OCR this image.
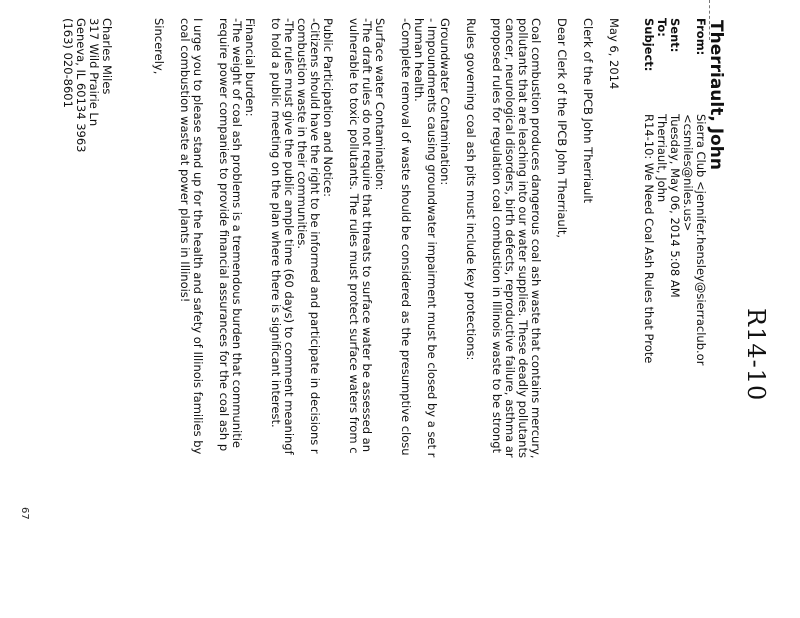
R14-10
Therriault, John
From:
Sierra Club <jennifer.hensley@sierraclub.or
<csmiles@niles.us>
Sent:
Tuesday, May 06, 2014 5:08 AM
To:
Therriault, John
Subject:
R14-10: We Need Coal Ash Rules that Prote
May 6, 2014
Clerk of the IPCB John Therriault
Dear Clerk of the IPCB John Therriault,
Coal combustion produces dangerous coal ash waste that contains mercury,
pollutants that are leaching into our water supplies. These deadly pollutants
cancer, neurological disorders, birth defects, reproductive failure, asthma ar
proposed rules for regulation coal combustion in Illinois waste to be strongt
Rules governing coal ash pits must include key protections:
Groundwater Contamination:
- Impoundments causing groundwater impairment must be closed by a set r
human health.
-Complete removal of waste should be considered as the presumptive closu
Surface water Contamination:
-The draft rules do not require that threats to surface water be assessed an
vulnerable to toxic pollutants. The rules must protect surface waters from c
Public Participation and Notice:
-Citizens should have the right to be informed and participate in decisions r
combustion waste in their communities.
-The rules must give the public ample time (60 days) to comment meaningf
to hold a public meeting on the plan where there is significant interest.
Financial burden:
-The weight of coal ash problems is a tremendous burden that communitie
require power companies to provide financial assurances for the coal ash p
I urge you to please stand up for the health and safety of Illinois families by
coal combustion waste at power plants in Illinois!
Sincerely,
Charles Miles
317 Wild Prairie Ln
Geneva, IL 60134 3963
(163) 020-8601
67
